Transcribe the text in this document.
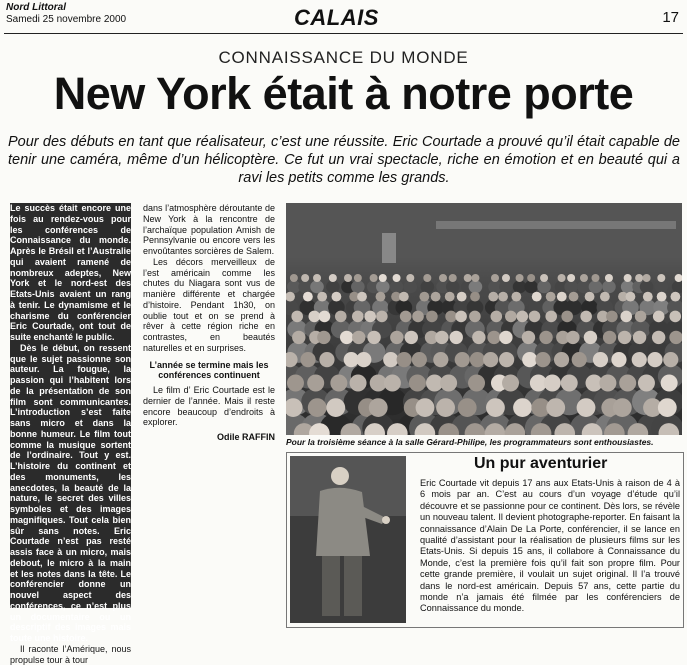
Nord Littoral
Samedi 25 novembre 2000	CALAIS	17
CONNAISSANCE DU MONDE
New York était à notre porte
Pour des débuts en tant que réalisateur, c’est une réussite. Eric Courtade a prouvé qu’il était capable de tenir une caméra, même d’un hélicoptère. Ce fut un vrai spectacle, riche en émotion et en beauté qui a ravi les petits comme les grands.

Le succès était encore une fois au rendez-vous pour les conférences de Connaissance du monde. Après le Brésil et l’Australie qui avaient ramené de nombreux adeptes, New York et le nord-est des Etats-Unis avaient un rang à tenir. Le dynamisme et le charisme du conférencier Eric Courtade, ont tout de suite enchanté le public.

Dès le début, on ressent que le sujet passionne son auteur. La fougue, la passion qui l’habitent lors de la présentation de son film sont communicantes. L’introduction s’est faite sans micro et dans la bonne humeur. Le film tout comme la musique sortent de l’ordinaire. Tout y est. L’histoire du continent et des monuments, les anecdotes, la beauté de la nature, le secret des villes symboles et des images magnifiques. Tout cela bien sûr sans notes. Eric Courtade n’est pas resté assis face à un micro, mais debout, le micro à la main et les notes dans la tête. Le conférencier donne un nouvel aspect des conférences, ce n’est plus un documentaire ou un descriptif des images mais toute une histoire.

Il raconte l’Amérique, nous propulse tour à tour

dans l’atmosphère déroutante de New York à la rencontre de l’archaïque population Amish de Pennsylvanie ou encore vers les envoûtantes sorcières de Salem.

Les décors merveilleux de l’est américain comme les chutes du Niagara sont vus de manière différente et chargée d’histoire. Pendant 1h30, on oublie tout et on se prend à rêver à cette région riche en contrastes, en beautés naturelles et en surprises.

L’année se termine mais les conférences continuent

Le film d’ Eric Courtade est le dernier de l’année. Mais il reste encore beaucoup d’endroits à explorer.

Odile RAFFIN Pour la troisième séance à la salle Gérard-Philipe, les programmateurs sont enthousiastes.
Un pur aventurier
Eric Courtade vit depuis 17 ans aux Etats-Unis à raison de 4 à 6 mois par an. C’est au cours d’un voyage d’étude qu’il découvre et se passionne pour ce continent. Dès lors, se révèle un nouveau talent. Il devient photographe-reporter. En faisant la connaissance d’Alain De La Porte, conférencier, il se lance en qualité d’assistant pour la réalisation de plusieurs films sur les Etats-Unis. Si depuis 15 ans, il collabore à Connaissance du Monde, c’est la première fois qu’il fait son propre film. Pour cette grande première, il voulait un sujet original. Il l’a trouvé dans le nord-est américain. Depuis 57 ans, cette partie du monde n’a jamais été filmée par les conférenciers de Connaissance du monde.
